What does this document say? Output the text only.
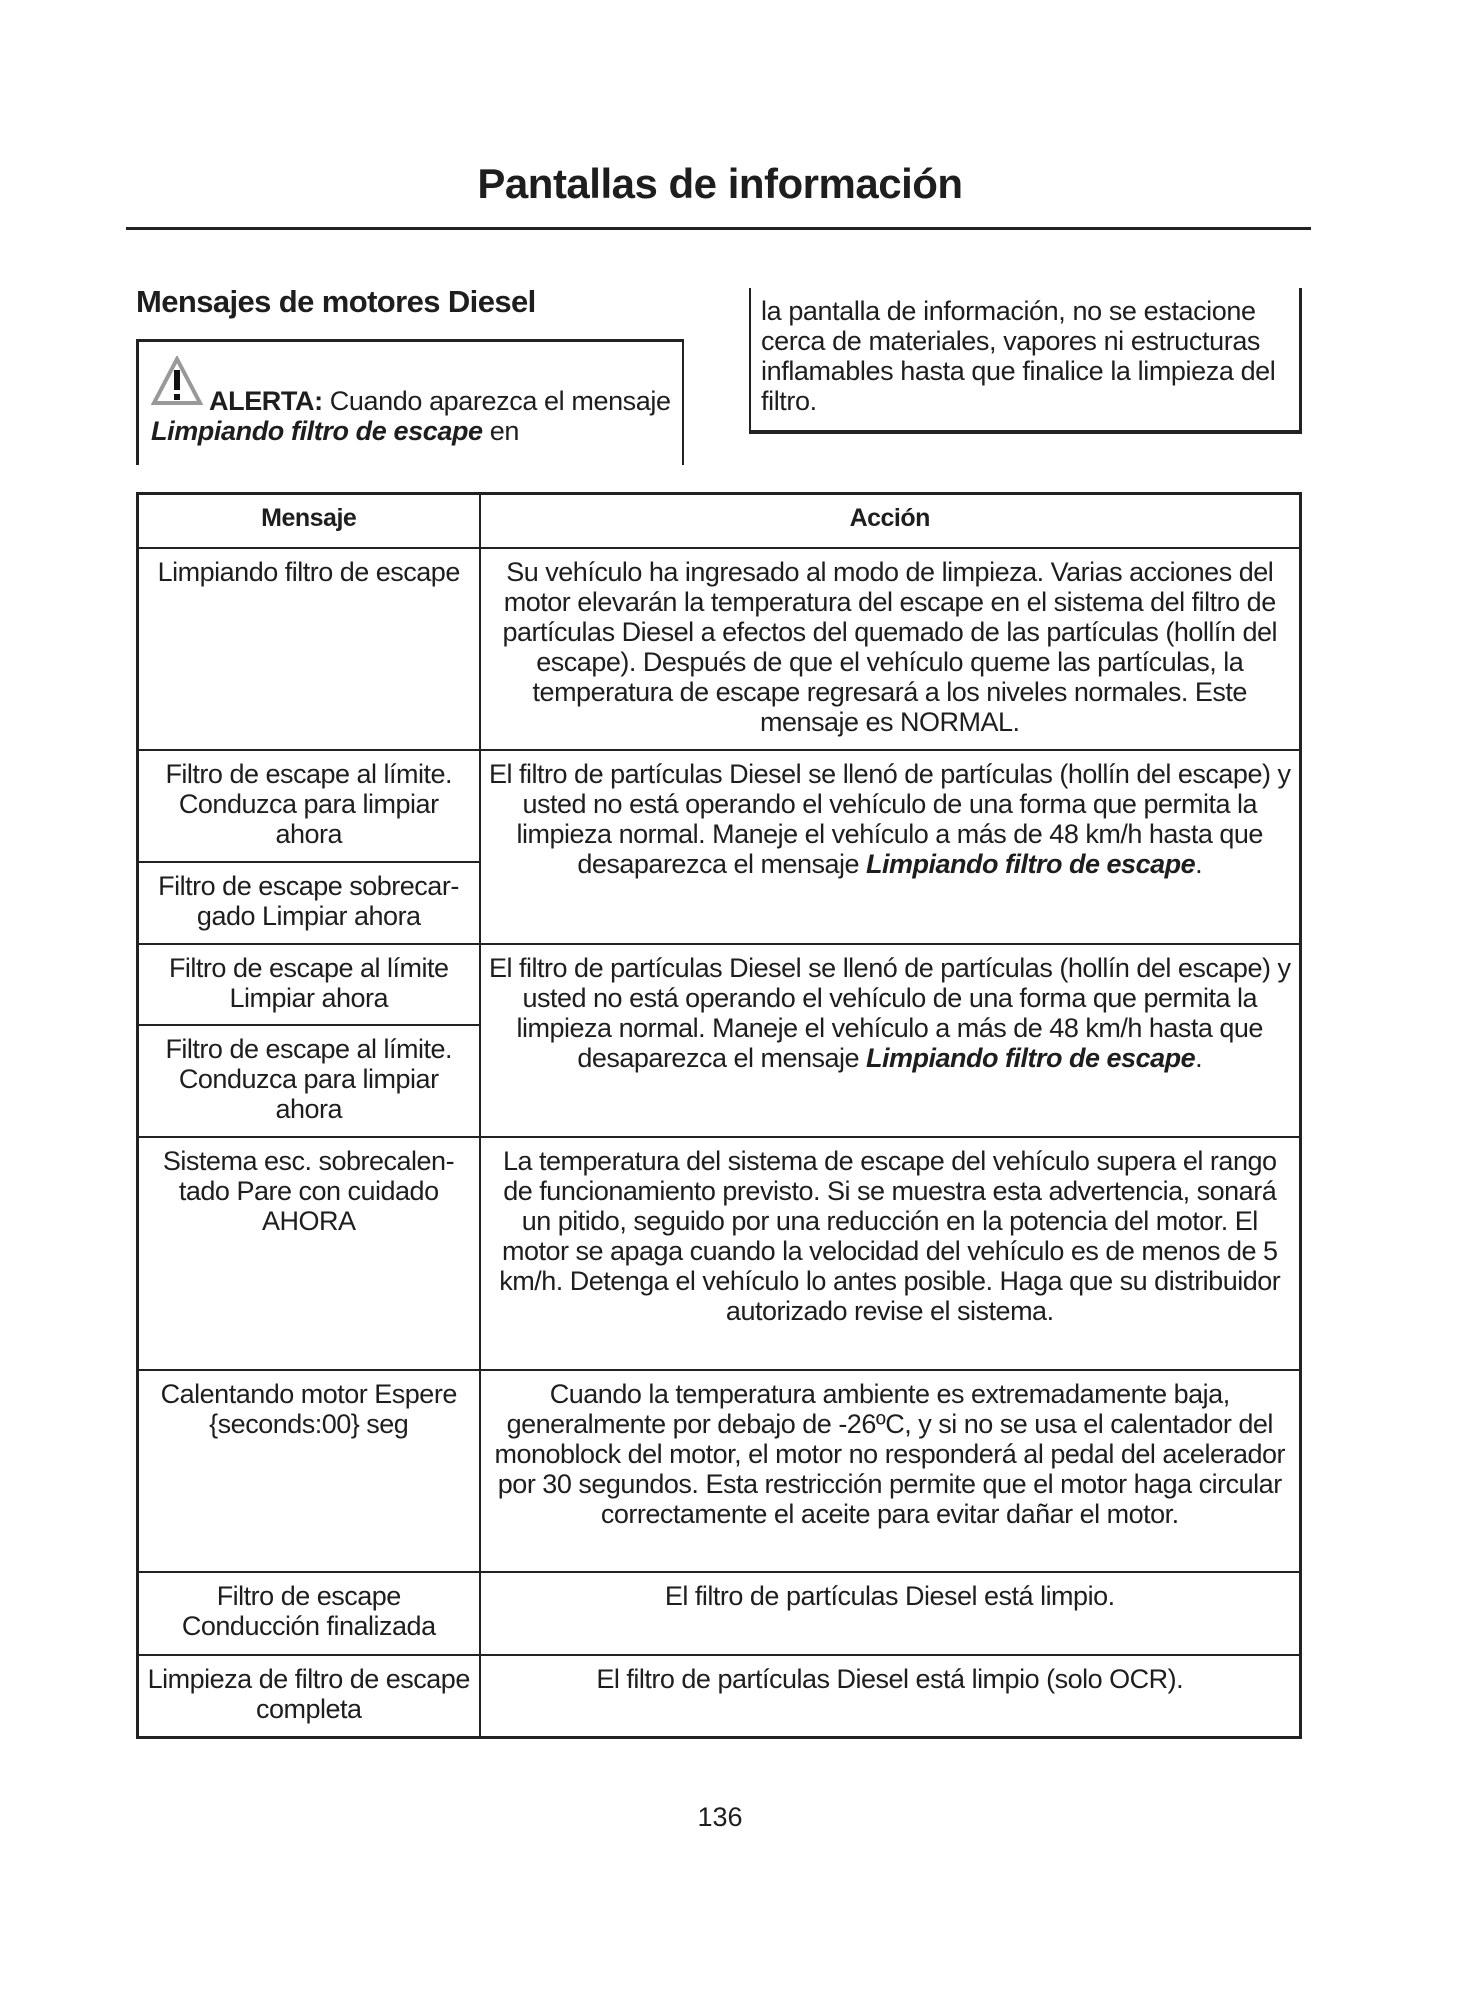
Pantallas de información
Mensajes de motores Diesel
ALERTA: Cuando aparezca el mensaje Limpiando filtro de escape en
la pantalla de información, no se estacione cerca de materiales, vapores ni estructuras inflamables hasta que finalice la limpieza del filtro.
Mensaje	Acción
Limpiando filtro de escape	Su vehículo ha ingresado al modo de limpieza. Varias acciones del motor elevarán la temperatura del escape en el sistema del filtro de partículas Diesel a efectos del quemado de las partículas (hollín del escape). Después de que el vehículo queme las partículas, la temperatura de escape regresará a los niveles normales. Este mensaje es NORMAL.
Filtro de escape al límite. Conduzca para limpiar ahora	El filtro de partículas Diesel se llenó de partículas (hollín del escape) y usted no está operando el vehículo de una forma que permita la limpieza normal. Maneje el vehículo a más de 48 km/h hasta que desaparezca el mensaje Limpiando filtro de escape.
Filtro de escape sobrecargado Limpiar ahora	
Filtro de escape al límite Limpiar ahora	El filtro de partículas Diesel se llenó de partículas (hollín del escape) y usted no está operando el vehículo de una forma que permita la limpieza normal. Maneje el vehículo a más de 48 km/h hasta que desaparezca el mensaje Limpiando filtro de escape.
Filtro de escape al límite. Conduzca para limpiar ahora	
Sistema esc. sobrecalentado Pare con cuidado AHORA	La temperatura del sistema de escape del vehículo supera el rango de funcionamiento previsto. Si se muestra esta advertencia, sonará un pitido, seguido por una reducción en la potencia del motor. El motor se apaga cuando la velocidad del vehículo es de menos de 5 km/h. Detenga el vehículo lo antes posible. Haga que su distribuidor autorizado revise el sistema.
Calentando motor Espere {seconds:00} seg	Cuando la temperatura ambiente es extremadamente baja, generalmente por debajo de -26ºC, y si no se usa el calentador del monoblock del motor, el motor no responderá al pedal del acelerador por 30 segundos. Esta restricción permite que el motor haga circular correctamente el aceite para evitar dañar el motor.
Filtro de escape Conducción finalizada	El filtro de partículas Diesel está limpio.
Limpieza de filtro de escape completa	El filtro de partículas Diesel está limpio (solo OCR).
136
